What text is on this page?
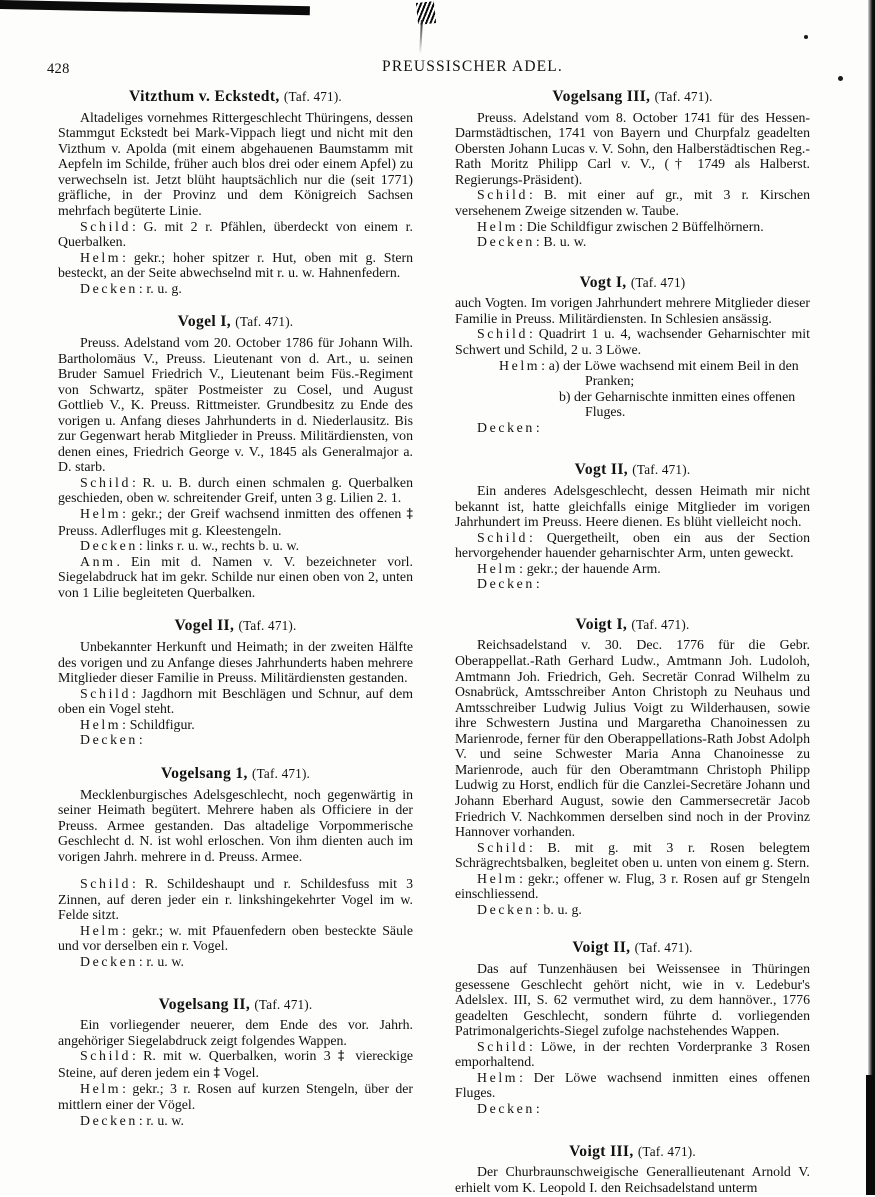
428	PREUSSISCHER ADEL.
Vitzthum v. Eckstedt, (Taf. 471).

Altadeliges vornehmes Rittergeschlecht Thüringens, dessen Stammgut Eckstedt bei Mark-Vippach liegt und nicht mit den Vizthum v. Apolda (mit einem abgehauenen Baumstamm mit Aepfeln im Schilde, früher auch blos drei oder einem Apfel) zu verwechseln ist. Jetzt blüht hauptsächlich nur die (seit 1771) gräfliche, in der Provinz und dem Königreich Sachsen mehrfach begüterte Linie.

Schild: G. mit 2 r. Pfählen, überdeckt von einem r. Querbalken.

Helm: gekr.; hoher spitzer r. Hut, oben mit g. Stern besteckt, an der Seite abwechselnd mit r. u. w. Hahnenfedern.

Decken: r. u. g.

Vogel I, (Taf. 471).

Preuss. Adelstand vom 20. October 1786 für Johann Wilh. Bartholomäus V., Preuss. Lieutenant von d. Art., u. seinen Bruder Samuel Friedrich V., Lieutenant beim Füs.-Regiment von Schwartz, später Postmeister zu Cosel, und August Gottlieb V., K. Preuss. Rittmeister. Grundbesitz zu Ende des vorigen u. Anfang dieses Jahrhunderts in d. Niederlausitz. Bis zur Gegenwart herab Mitglieder in Preuss. Militärdiensten, von denen eines, Friedrich George v. V., 1845 als Generalmajor a. D. starb.

Schild: R. u. B. durch einen schmalen g. Querbalken geschieden, oben w. schreitender Greif, unten 3 g. Lilien 2. 1.

Helm: gekr.; der Greif wachsend inmitten des offenen ‡ Preuss. Adlerfluges mit g. Kleestengeln.

Decken: links r. u. w., rechts b. u. w.

Anm. Ein mit d. Namen v. V. bezeichneter vorl. Siegelabdruck hat im gekr. Schilde nur einen oben von 2, unten von 1 Lilie begleiteten Querbalken.

Vogel II, (Taf. 471).

Unbekannter Herkunft und Heimath; in der zweiten Hälfte des vorigen und zu Anfange dieses Jahrhunderts haben mehrere Mitglieder dieser Familie in Preuss. Militärdiensten gestanden.

Schild: Jagdhorn mit Beschlägen und Schnur, auf dem oben ein Vogel steht.

Helm: Schildfigur.

Decken:

Vogelsang 1, (Taf. 471).

Mecklenburgisches Adelsgeschlecht, noch gegenwärtig in seiner Heimath begütert. Mehrere haben als Officiere in der Preuss. Armee gestanden. Das altadelige Vorpommerische Geschlecht d. N. ist wohl erloschen. Von ihm dienten auch im vorigen Jahrh. mehrere in d. Preuss. Armee.

Schild: R. Schildeshaupt und r. Schildesfuss mit 3 Zinnen, auf deren jeder ein r. linkshingekehrter Vogel im w. Felde sitzt.

Helm: gekr.; w. mit Pfauenfedern oben bestecktе Säule und vor derselben ein r. Vogel.

Decken: r. u. w.

Vogelsang II, (Taf. 471).

Ein vorliegender neuerer, dem Ende des vor. Jahrh. angehöriger Siegelabdruck zeigt folgendes Wappen.

Schild: R. mit w. Querbalken, worin 3 ‡ viereckige Steine, auf deren jedem ein ‡ Vogel.

Helm: gekr.; 3 r. Rosen auf kurzen Stengeln, über der mittlern einer der Vögel.

Decken: r. u. w.

Vogelsang III, (Taf. 471).

Preuss. Adelstand vom 8. October 1741 für des Hessen-Darmstädtischen, 1741 von Bayern und Churpfalz geadelten Obersten Johann Lucas v. V. Sohn, den Halberstädtischen Reg.-Rath Moritz Philipp Carl v. V., († 1749 als Halberst. Regierungs-Präsident).

Schild: B. mit einer auf gr., mit 3 r. Kirschen versehenem Zweige sitzenden w. Taube.

Helm: Die Schildfigur zwischen 2 Büffelhörnern.

Decken: B. u. w.

Vogt I, (Taf. 471)

auch Vogten. Im vorigen Jahrhundert mehrere Mitglieder dieser Familie in Preuss. Militärdiensten. In Schlesien ansässig.

Schild: Quadrirt 1 u. 4, wachsender Geharnischter mit Schwert und Schild, 2 u. 3 Löwe.

Helm: a) der Löwe wachsend mit einem Beil in den

Pranken;

b) der Geharnischte inmitten eines offenen

Fluges.

Decken:

Vogt II, (Taf. 471).

Ein anderes Adelsgeschlecht, dessen Heimath mir nicht bekannt ist, hatte gleichfalls einige Mitglieder im vorigen Jahrhundert im Preuss. Heere dienen. Es blüht vielleicht noch.

Schild: Quergetheilt, oben ein aus der Section hervorgehender hauender geharnischter Arm, unten geweckt.

Helm: gekr.; der hauende Arm.

Decken:

Voigt I, (Taf. 471).

Reichsadelstand v. 30. Dec. 1776 für die Gebr. Oberappellat.-Rath Gerhard Ludw., Amtmann Joh. Ludoloh, Amtmann Joh. Friedrich, Geh. Secretär Conrad Wilhelm zu Osnabrück, Amtsschreiber Anton Christoph zu Neuhaus und Amtsschreiber Ludwig Julius Voigt zu Wilderhausen, sowie ihre Schwestern Justina und Margaretha Chanoinessen zu Marienrode, ferner für den Oberappellations-Rath Jobst Adolph V. und seine Schwester Maria Anna Chanoinesse zu Marienrode, auch für den Oberamtmann Christoph Philipp Ludwig zu Horst, endlich für die Canzlei-Secretäre Johann und Johann Eberhard August, sowie den Cammersecretär Jacob Friedrich V. Nachkommen derselben sind noch in der Provinz Hannover vorhanden.

Schild: B. mit g. mit 3 r. Rosen belegtem Schrägrechtsbalken, begleitet oben u. unten von einem g. Stern.

Helm: gekr.; offener w. Flug, 3 r. Rosen auf gr Stengeln einschliessend.

Decken: b. u. g.

Voigt II, (Taf. 471).

Das auf Tunzenhäusen bei Weissensee in Thüringen gesessene Geschlecht gehört nicht, wie in v. Ledebur's Adelslex. III, S. 62 vermuthet wird, zu dem hannöver., 1776 geadelten Geschlecht, sondern führte d. vorliegenden Patrimonalgerichts-Siegel zufolge nachstehendes Wappen.

Schild: Löwe, in der rechten Vorderpranke 3 Rosen emporhaltend.

Helm: Der Löwe wachsend inmitten eines offenen Fluges.

Decken:

Voigt III, (Taf. 471).

Der Churbraunschweigische Generallieutenant Arnold V. erhielt vom K. Leopold I. den Reichsadelstand unterm
